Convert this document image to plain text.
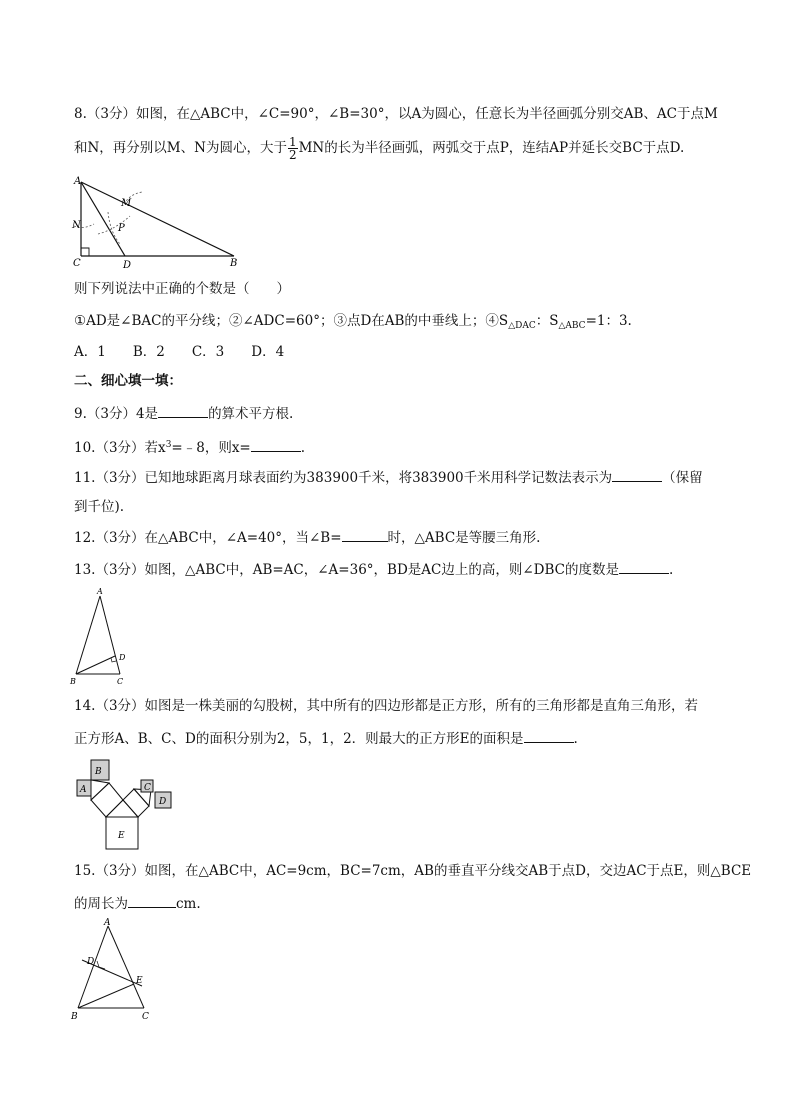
8.（3分）如图，在△ABC中，∠C=90°，∠B=30°，以A为圆心，任意长为半径画弧分别交AB、AC于点M
和N，再分别以M、N为圆心，大于 $\frac{1}{2}$ MN的长为半径画弧，两弧交于点P，连结AP并延长交BC于点D.
A
N
M
P
C	D	B
则下列说法中正确的个数是（　　）
①AD是∠BAC的平分线；②∠ADC=60°；③点D在AB的中垂线上；$④S_{\triangle DAC}$：$S_{\triangle ABC}=1$：3.
A．1　　B．2　　C．3　　D．4
二、细心填一填：
9.（3分）4是	的算术平方根.
10.（3分）若$x^3=﹣8$，则x=	.
11.（3分）已知地球距离月球表面约为383900千米，将383900千米用科学记数法表示为	（保留
到千位).
12.（3分）在△ABC中，∠A=40°，当∠B=	时，△ABC是等腰三角形.
13.（3分）如图，△ABC中，AB=AC，∠A=36°，BD是AC边上的高，则∠DBC的度数是	.
A
B	C
D
14.（3分）如图是一株美丽的勾股树，其中所有的四边形都是正方形，所有的三角形都是直角三角形，若
正方形A、B、C、D的面积分别为2，5，1，2．则最大的正方形E的面积是	.
B
A	C
D
E
15.（3分）如图，在△ABC中，AC=9cm，BC=7cm，AB的垂直平分线交AB于点D，交边AC于点E，则△BCE
的周长为	cm.
A
D
E
B	C
